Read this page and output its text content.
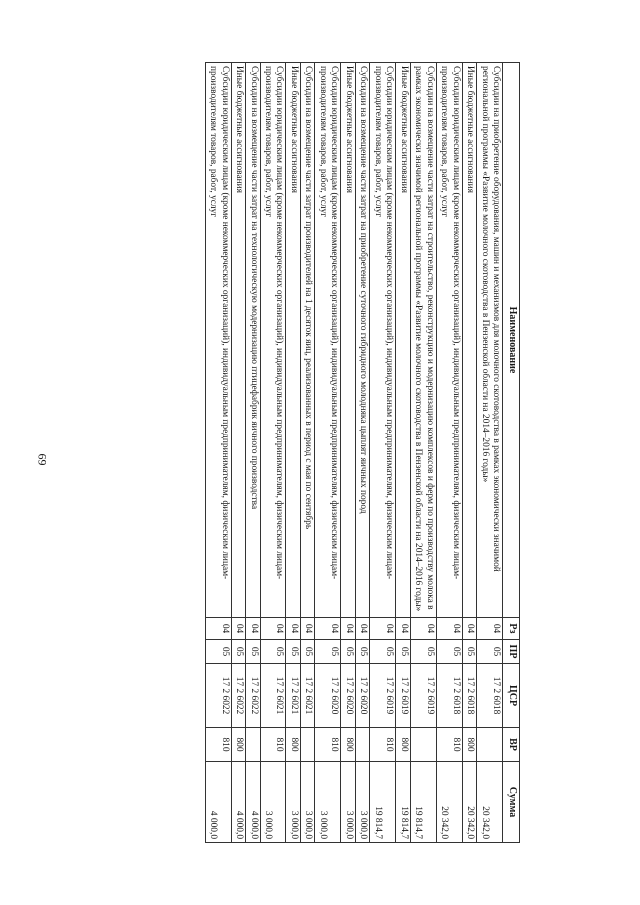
69
Наименование	Рз	ПР	ЦСР	ВР	Сумма
Субсидии на приобретение оборудования, машин и механизмов для молочного скотоводства в рамках экономически значимой региональной программы «Развитие молочного скотоводства в Пензенской области на 2014–2016 годы»	04	05	17 2 6018		20 342,0
Иные бюджетные ассигнования	04	05	17 2 6018	800	20 342,0
Субсидии юридическим лицам (кроме некоммерческих организаций), индивидуальным предпринимателям, физическим лицам-производителям товаров, работ, услуг	04	05	17 2 6018	810	20 342,0
Субсидии на возмещение части затрат на строительство, реконструкцию и модернизацию комплексов и ферм по производству молока в рамках экономически значимой региональной программы «Развитие молочного скотоводства в Пензенской области на 2014–2016 годы»	04	05	17 2 6019		19 814,7
Иные бюджетные ассигнования	04	05	17 2 6019	800	19 814,7
Субсидии юридическим лицам (кроме некоммерческих организаций), индивидуальным предпринимателям, физическим лицам-производителям товаров, работ, услуг	04	05	17 2 6019	810	19 814,7
Субсидии на возмещение части затрат на приобретение суточного гибридного молодняка цыплят яичных пород	04	05	17 2 6020		3 000,0
Иные бюджетные ассигнования	04	05	17 2 6020	800	3 000,0
Субсидии юридическим лицам (кроме некоммерческих организаций), индивидуальным предпринимателям, физическим лицам-производителям товаров, работ, услуг	04	05	17 2 6020	810	3 000,0
Субсидии на возмещение части затрат производителей на 1 десяток яиц, реализованных в период с мая по сентябрь	04	05	17 2 6021		3 000,0
Иные бюджетные ассигнования	04	05	17 2 6021	800	3 000,0
Субсидии юридическим лицам (кроме некоммерческих организаций), индивидуальным предпринимателям, физическим лицам-производителям товаров, работ, услуг	04	05	17 2 6021	810	3 000,0
Субсидии на возмещение части затрат на технологическую модернизацию птицефабрик яичного производства	04	05	17 2 6022		4 000,0
Иные бюджетные ассигнования	04	05	17 2 6022	800	4 000,0
Субсидии юридическим лицам (кроме некоммерческих организаций), индивидуальным предпринимателям, физическим лицам-производителям товаров, работ, услуг	04	05	17 2 6022	810	4 000,0
